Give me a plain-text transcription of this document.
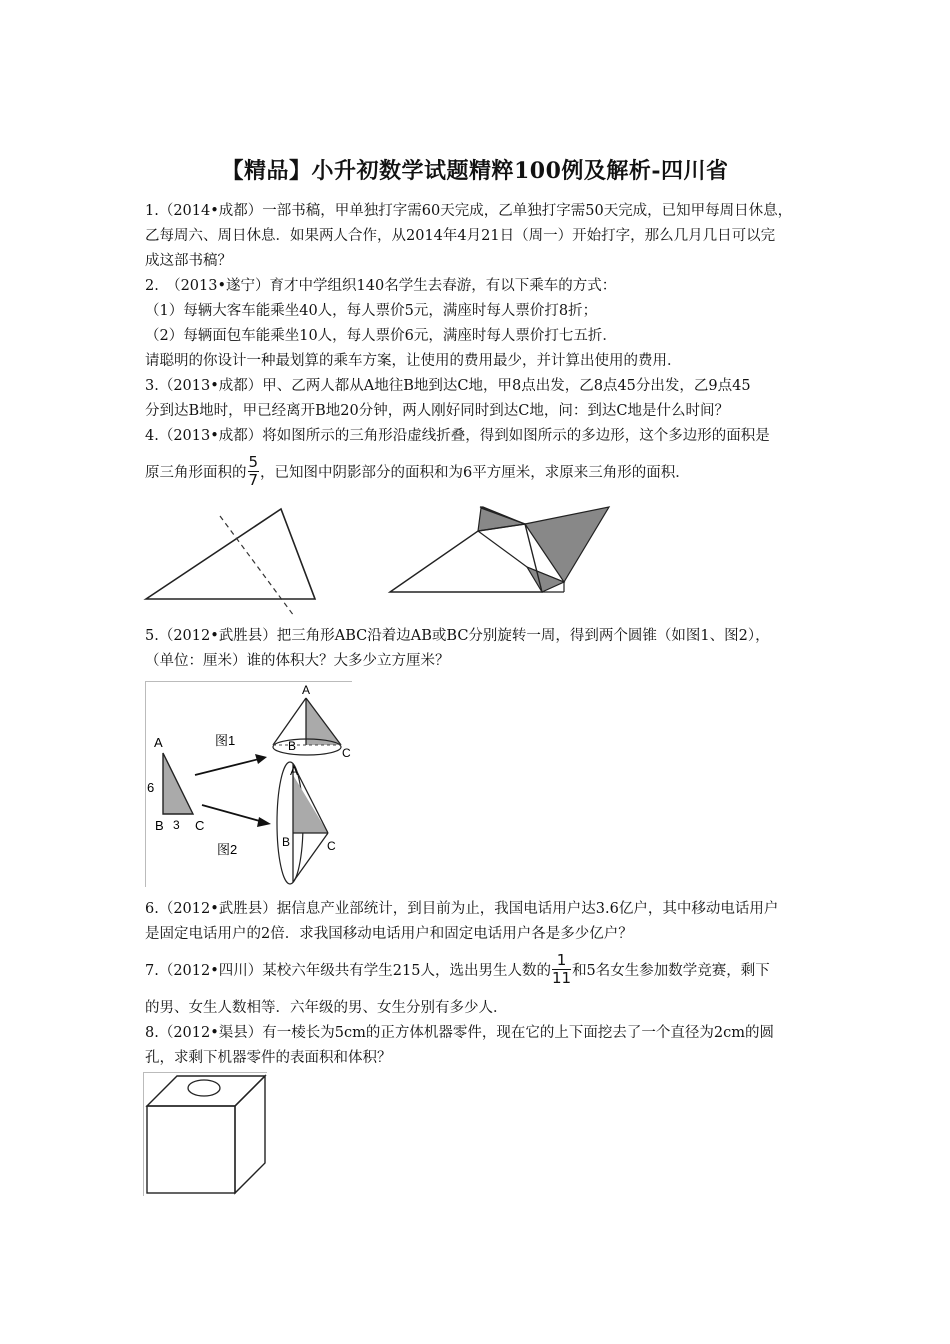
【精品】小升初数学试题精粹100例及解析-四川省
1.（2014•成都）一部书稿，甲单独打字需60天完成，乙单独打字需50天完成，已知甲每周日休息，
乙每周六、周日休息．如果两人合作，从2014年4月21日（周一）开始打字，那么几月几日可以完
成这部书稿？
2.　（2013•遂宁）育才中学组织140名学生去春游，有以下乘车的方式：
（1）每辆大客车能乘坐40人，每人票价5元，满座时每人票价打8折；
（2）每辆面包车能乘坐10人，每人票价6元，满座时每人票价打七五折．
请聪明的你设计一种最划算的乘车方案，让使用的费用最少，并计算出使用的费用．
3.（2013•成都）甲、乙两人都从A地往B地到达C地，甲8点出发，乙8点45分出发，乙9点45
分到达B地时，甲已经离开B地20分钟，两人刚好同时到达C地，问：到达C地是什么时间？
4.（2013•成都）将如图所示的三角形沿虚线折叠，得到如图所示的多边形，这个多边形的面积是
原三角形面积的 $\frac{5}{7}$ ，已知图中阴影部分的面积和为6平方厘米，求原来三角形的面积．
5.（2012•武胜县）把三角形ABC沿着边AB或BC分别旋转一周，得到两个圆锥（如图1、图2），
（单位：厘米）谁的体积大？大多少立方厘米？
A
6
B 3 C
图1
图2
A
B	C
A
B	C
6.（2012•武胜县）据信息产业部统计，到目前为止，我国电话用户达3.6亿户，其中移动电话用户
是固定电话用户的2倍．求我国移动电话用户和固定电话用户各是多少亿户？
7.（2012•四川）某校六年级共有学生215人，选出男生人数的 $\frac{1}{11}$ 和5名女生参加数学竞赛，剩下
的男、女生人数相等．六年级的男、女生分别有多少人．
8.（2012•渠县）有一棱长为5cm的正方体机器零件，现在它的上下面挖去了一个直径为2cm的圆
孔，求剩下机器零件的表面积和体积？
